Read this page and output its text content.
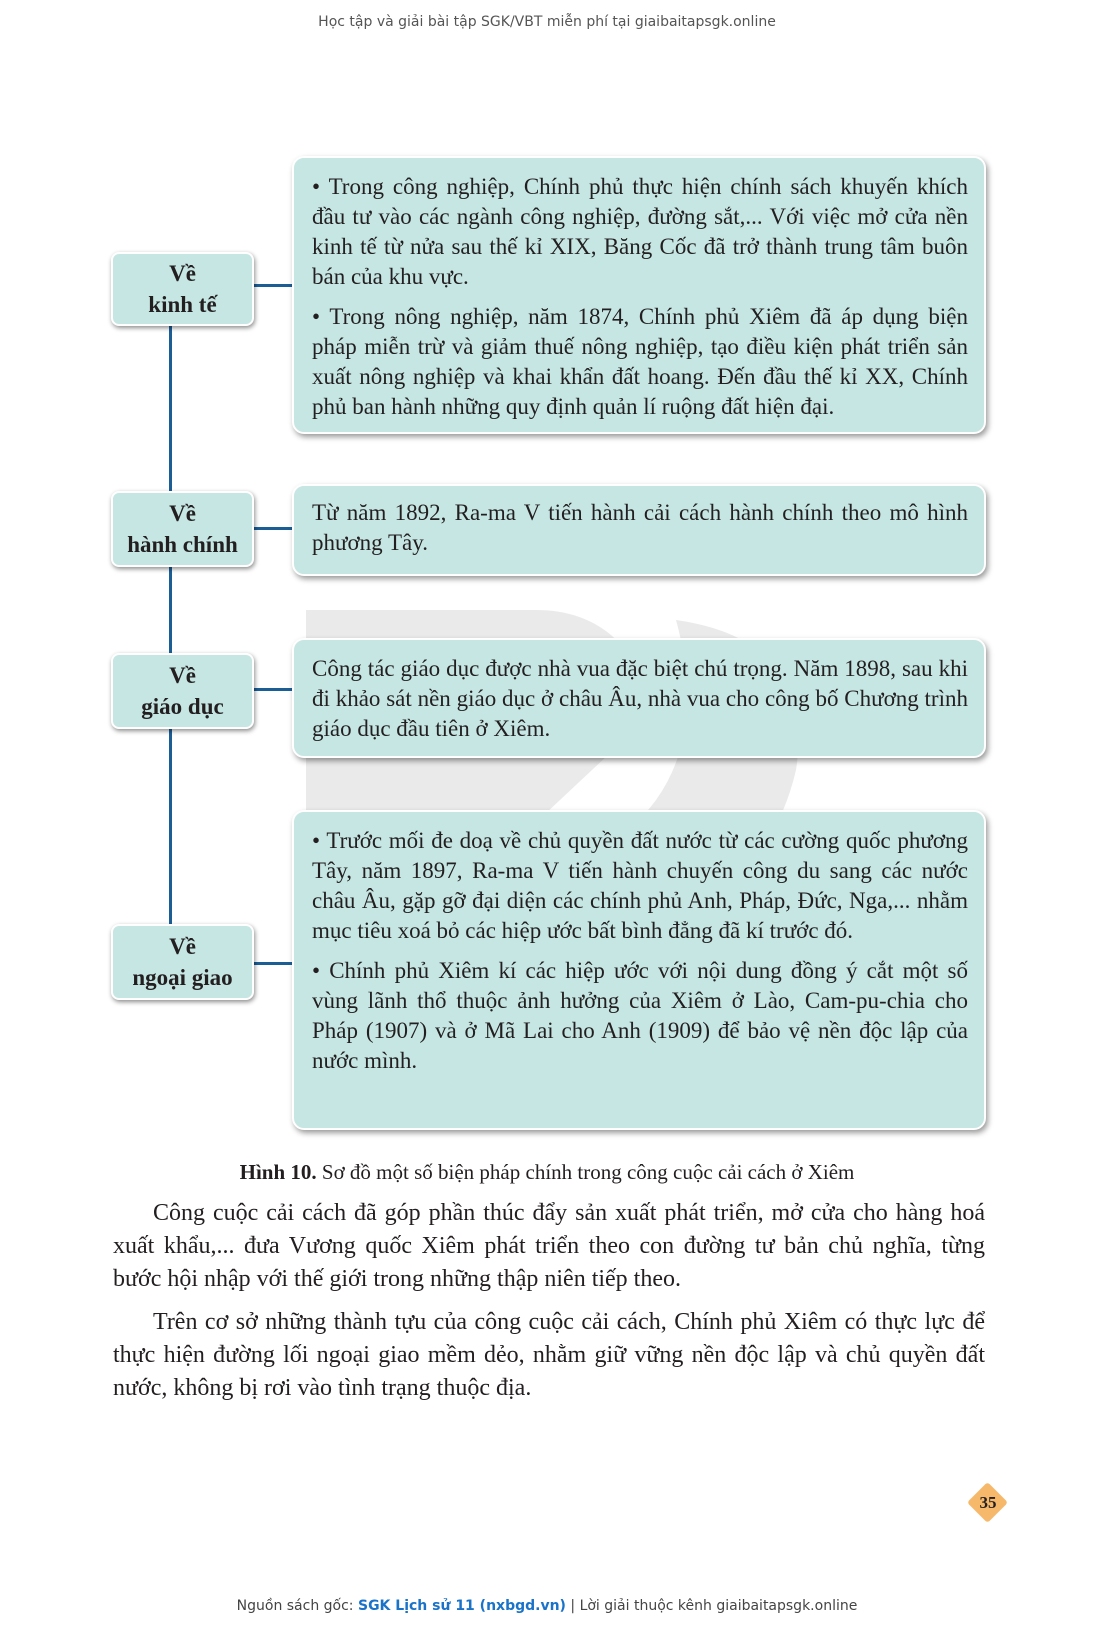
Học tập và giải bài tập SGK/VBT miễn phí tại giaibaitapsgk.online
Về
kinh tế

• Trong công nghiệp, Chính phủ thực hiện chính sách khuyến khích đầu tư vào các ngành công nghiệp, đường sắt,... Với việc mở cửa nền kinh tế từ nửa sau thế kỉ XIX, Băng Cốc đã trở thành trung tâm buôn bán của khu vực.

• Trong nông nghiệp, năm 1874, Chính phủ Xiêm đã áp dụng biện pháp miễn trừ và giảm thuế nông nghiệp, tạo điều kiện phát triển sản xuất nông nghiệp và khai khẩn đất hoang. Đến đầu thế kỉ XX, Chính phủ ban hành những quy định quản lí ruộng đất hiện đại.

Về
hành chính

Từ năm 1892, Ra-ma V tiến hành cải cách hành chính theo mô hình phương Tây.

Về
giáo dục

Công tác giáo dục được nhà vua đặc biệt chú trọng. Năm 1898, sau khi đi khảo sát nền giáo dục ở châu Âu, nhà vua cho công bố Chương trình giáo dục đầu tiên ở Xiêm.

Về
ngoại giao

• Trước mối đe doạ về chủ quyền đất nước từ các cường quốc phương Tây, năm 1897, Ra-ma V tiến hành chuyến công du sang các nước châu Âu, gặp gỡ đại diện các chính phủ Anh, Pháp, Đức, Nga,... nhằm mục tiêu xoá bỏ các hiệp ước bất bình đẳng đã kí trước đó.

• Chính phủ Xiêm kí các hiệp ước với nội dung đồng ý cắt một số vùng lãnh thổ thuộc ảnh hưởng của Xiêm ở Lào, Cam-pu-chia cho Pháp (1907) và ở Mã Lai cho Anh (1909) để bảo vệ nền độc lập của nước mình.

Hình 10. Sơ đồ một số biện pháp chính trong công cuộc cải cách ở Xiêm

Công cuộc cải cách đã góp phần thúc đẩy sản xuất phát triển, mở cửa cho hàng hoá xuất khẩu,... đưa Vương quốc Xiêm phát triển theo con đường tư bản chủ nghĩa, từng bước hội nhập với thế giới trong những thập niên tiếp theo.

Trên cơ sở những thành tựu của công cuộc cải cách, Chính phủ Xiêm có thực lực để thực hiện đường lối ngoại giao mềm dẻo, nhằm giữ vững nền độc lập và chủ quyền đất nước, không bị rơi vào tình trạng thuộc địa.

35
Nguồn sách gốc: SGK Lịch sử 11 (nxbgd.vn) | Lời giải thuộc kênh giaibaitapsgk.online
